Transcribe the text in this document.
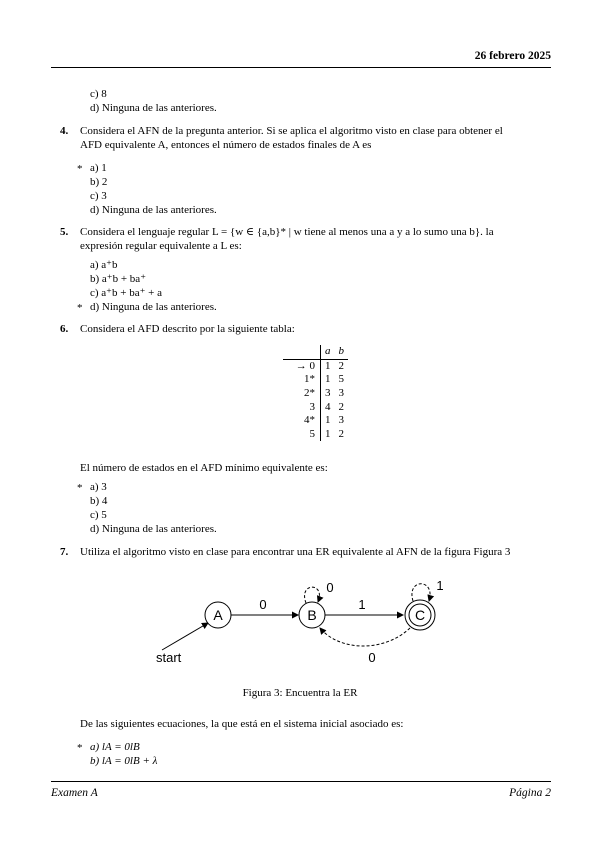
26 febrero 2025
c) 8
d) Ninguna de las anteriores.
4. Considera el AFN de la pregunta anterior. Si se aplica el algoritmo visto en clase para obtener el
AFD equivalente A, entonces el número de estados finales de A es
* a) 1
b) 2
c) 3
d) Ninguna de las anteriores.
5. Considera el lenguaje regular L = {w ∈ {a,b}* | w tiene al menos una a y a lo sumo una b}. la
expresión regular equivalente a L es:
a) a⁺b
b) a⁺b + ba⁺
c) a⁺b + ba⁺ + a
* d) Ninguna de las anteriores.
6. Considera el AFD descrito por la siguiente tabla:
	a	b
→ 0	1	2
1*	1	5
2*	3	3
3	4	2
4*	1	3
5	1	2
El número de estados en el AFD mínimo equivalente es:
* a) 3
b) 4
c) 5
d) Ninguna de las anteriores.
7. Utiliza el algoritmo visto en clase para encontrar una ER equivalente al AFN de la figura Figura 3
start
A
0
B
0
1
C
1
0
Figura 3: Encuentra la ER
De las siguientes ecuaciones, la que está en el sistema inicial asociado es:
* a) lA = 0lB
b) lA = 0lB + λ
Examen A	Página 2
